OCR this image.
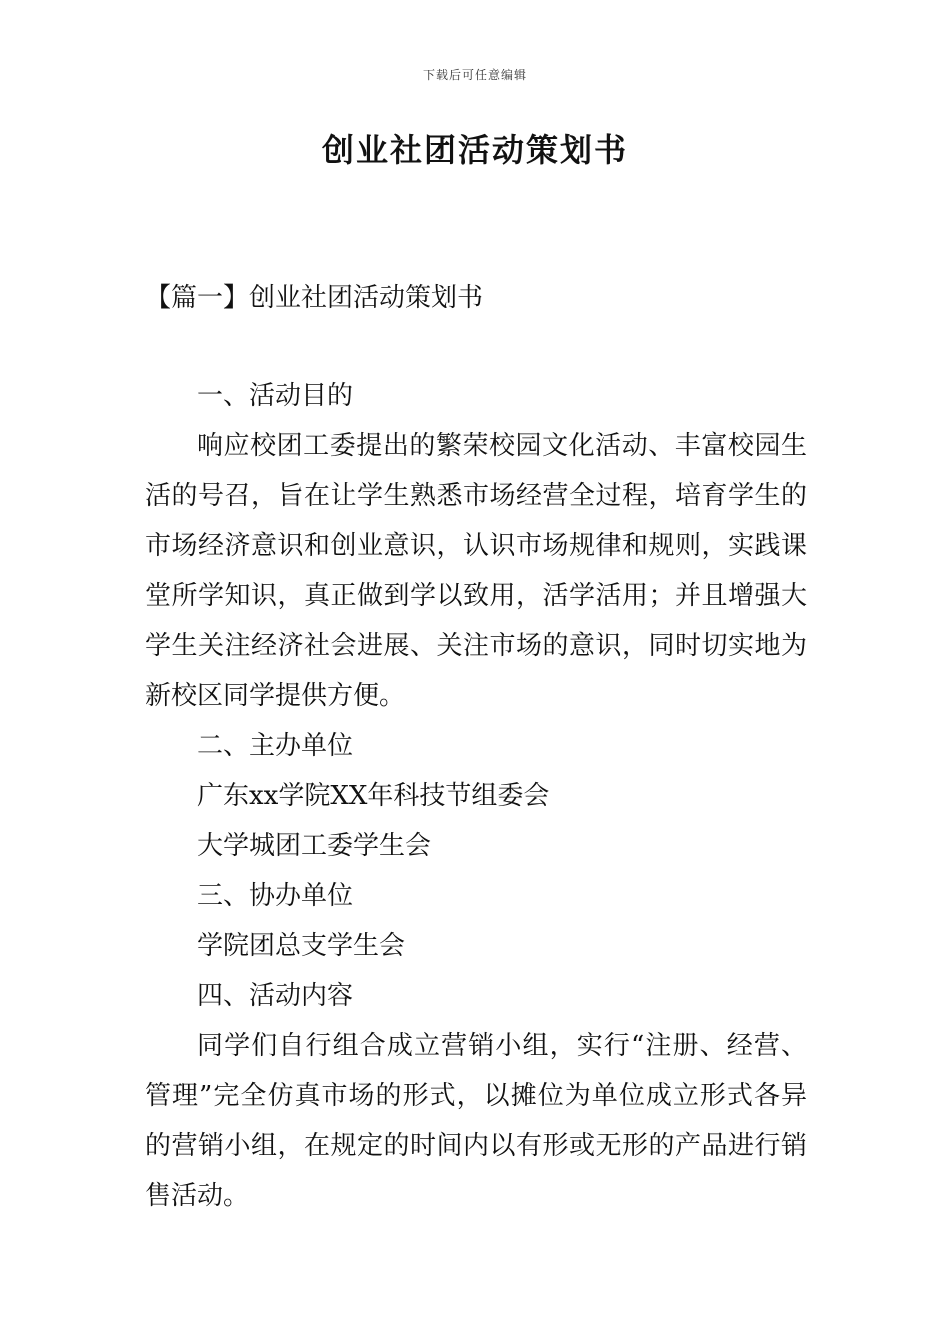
下载后可任意编辑
创业社团活动策划书

【篇一】创业社团活动策划书

一、活动目的

响应校团工委提出的繁荣校园文化活动、丰富校园生活的号召，旨在让学生熟悉市场经营全过程，培育学生的市场经济意识和创业意识，认识市场规律和规则，实践课堂所学知识，真正做到学以致用，活学活用；并且增强大学生关注经济社会进展、关注市场的意识，同时切实地为新校区同学提供方便。

二、主办单位

广东xx学院XX年科技节组委会

大学城团工委学生会

三、协办单位

学院团总支学生会

四、活动内容

同学们自行组合成立营销小组，实行“注册、经营、管理”完全仿真市场的形式，以摊位为单位成立形式各异的营销小组，在规定的时间内以有形或无形的产品进行销售活动。
